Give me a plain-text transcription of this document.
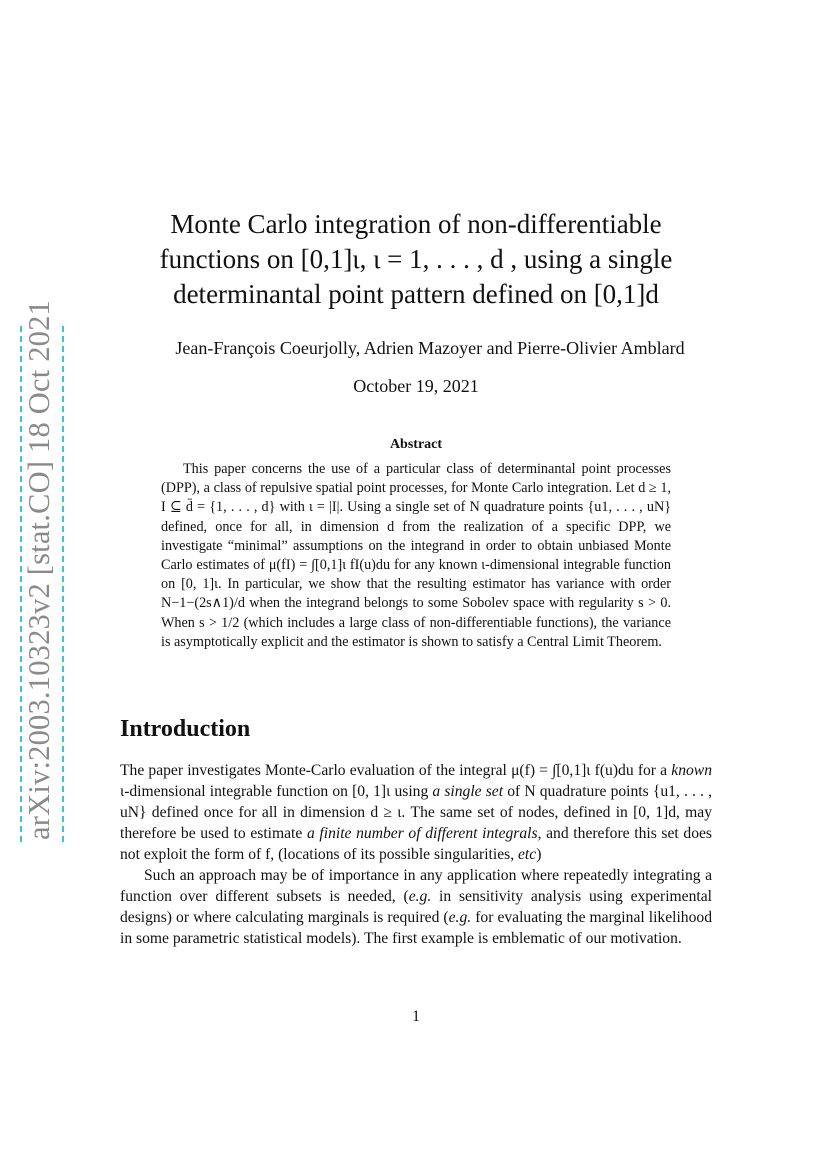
arXiv:2003.10323v2 [stat.CO] 18 Oct 2021
Monte Carlo integration of non-differentiable
functions on [0,1]ι, ι = 1, . . . , d , using a single
determinantal point pattern defined on [0,1]d
Jean-François Coeurjolly, Adrien Mazoyer and Pierre-Olivier Amblard
October 19, 2021
Abstract
This paper concerns the use of a particular class of determinantal point processes (DPP), a class of repulsive spatial point processes, for Monte Carlo integration. Let d ≥ 1, I ⊆ d̄ = {1, . . . , d} with ι = |I|. Using a single set of N quadrature points {u1, . . . , uN} defined, once for all, in dimension d from the realization of a specific DPP, we investigate “minimal” assumptions on the integrand in order to obtain unbiased Monte Carlo estimates of μ(fI) = ∫[0,1]ι fI(u)du for any known ι-dimensional integrable function on [0, 1]ι. In particular, we show that the resulting estimator has variance with order N−1−(2s∧1)/d when the integrand belongs to some Sobolev space with regularity s > 0. When s > 1/2 (which includes a large class of non-differentiable functions), the variance is asymptotically explicit and the estimator is shown to satisfy a Central Limit Theorem.
Introduction

The paper investigates Monte-Carlo evaluation of the integral μ(f) = ∫[0,1]ι f(u)du for a known ι-dimensional integrable function on [0, 1]ι using a single set of N quadrature points {u1, . . . , uN} defined once for all in dimension d ≥ ι. The same set of nodes, defined in [0, 1]d, may therefore be used to estimate a finite number of different integrals, and therefore this set does not exploit the form of f, (locations of its possible singularities, etc)

Such an approach may be of importance in any application where repeatedly integrating a function over different subsets is needed, (e.g. in sensitivity analysis using experimental designs) or where calculating marginals is required (e.g. for evaluating the marginal likelihood in some parametric statistical models). The first example is emblematic of our motivation.

1
